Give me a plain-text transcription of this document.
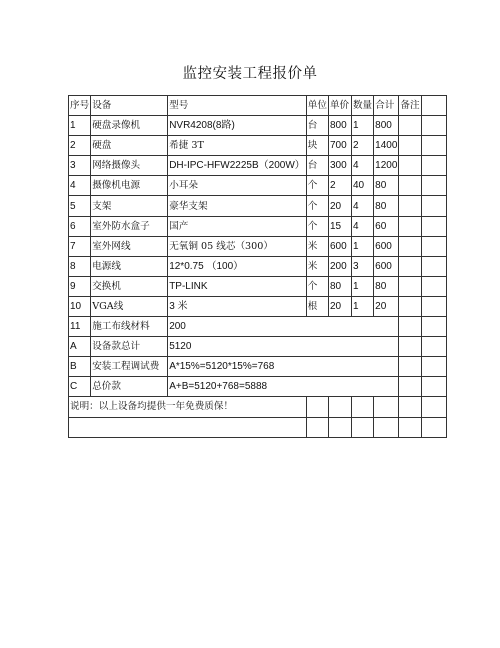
监控安装工程报价单
序号	设备	型号	单位	单价	数量	合计	备注	
1	硬盘录像机	NVR4208(8路)	台	800	1	800		
2	硬盘	希捷 3T	块	700	2	1400		
3	网络摄像头	DH-IPC-HFW2225B（200W）	台	300	4	1200		
4	摄像机电源	小耳朵	个	2	40	80		
5	支架	豪华支架	个	20	4	80		
6	室外防水盒子	国产	个	15	4	60		
7	室外网线	无氧铜 05 线芯（300）	米	600	1	600		
8	电源线	12*0.75 （100）	米	200	3	600		
9	交换机	TP-LINK	个	80	1	80		
10	VGA线	3 米	根	20	1	20		
11	施工布线材料	200						
A	设备款总计	5120						
B	安装工程调试费	A*15%=5120*15%=768						
C	总价款	A+B=5120+768=5888						
说明：以上设备均提供一年免费质保！								
